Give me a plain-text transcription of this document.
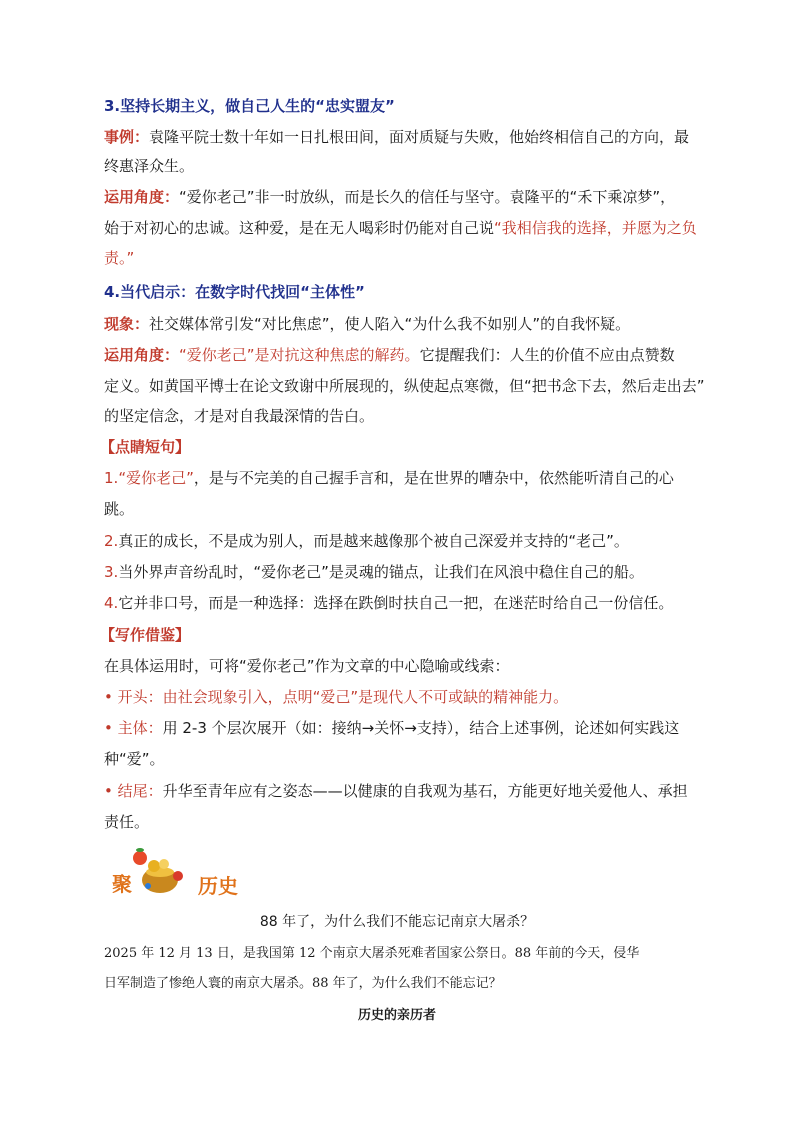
3.坚持长期主义，做自己人生的“忠实盟友”
事例：袁隆平院士数十年如一日扎根田间，面对质疑与失败，他始终相信自己的方向，最
终惠泽众生。
运用角度：“爱你老己”非一时放纵，而是长久的信任与坚守。袁隆平的“禾下乘凉梦”，
始于对初心的忠诚。这种爱，是在无人喝彩时仍能对自己说“我相信我的选择，并愿为之负
责。”
4.当代启示：在数字时代找回“主体性”
现象：社交媒体常引发“对比焦虑”，使人陷入“为什么我不如别人”的自我怀疑。
运用角度：“爱你老己”是对抗这种焦虑的解药。它提醒我们：人生的价值不应由点赞数
定义。如黄国平博士在论文致谢中所展现的，纵使起点寒微，但“把书念下去，然后走出去”
的坚定信念，才是对自我最深情的告白。
【点睛短句】
1.“爱你老己”，是与不完美的自己握手言和，是在世界的嘈杂中，依然能听清自己的心
跳。
2.真正的成长，不是成为别人，而是越来越像那个被自己深爱并支持的“老己”。
3.当外界声音纷乱时，“爱你老己”是灵魂的锚点，让我们在风浪中稳住自己的船。
4.它并非口号，而是一种选择：选择在跌倒时扶自己一把，在迷茫时给自己一份信任。
【写作借鉴】
在具体运用时，可将“爱你老己”作为文章的中心隐喻或线索：
• 开头：由社会现象引入，点明“爱己”是现代人不可或缺的精神能力。
• 主体：用 2-3 个层次展开（如：接纳→关怀→支持），结合上述事例，论述如何实践这
种“爱”。
• 结尾：升华至青年应有之姿态——以健康的自我观为基石，方能更好地关爱他人、承担
责任。
聚	历史
88 年了，为什么我们不能忘记南京大屠杀？
2025 年 12 月 13 日，是我国第 12 个南京大屠杀死难者国家公祭日。88 年前的今天，侵华
日军制造了惨绝人寰的南京大屠杀。88 年了，为什么我们不能忘记？
历史的亲历者
